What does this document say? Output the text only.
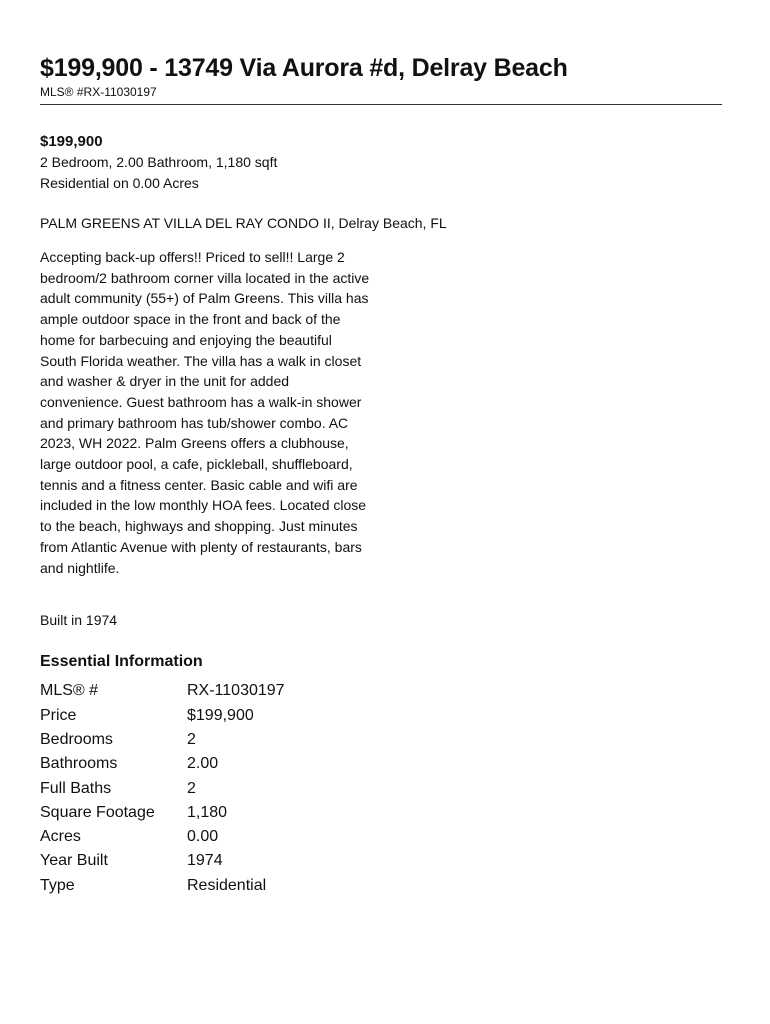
$199,900 - 13749 Via Aurora #d, Delray Beach
MLS® #RX-11030197
$199,900
2 Bedroom, 2.00 Bathroom, 1,180 sqft
Residential on 0.00 Acres
PALM GREENS AT VILLA DEL RAY CONDO II, Delray Beach, FL
Accepting back-up offers!! Priced to sell!! Large 2 bedroom/2 bathroom corner villa located in the active adult community (55+) of Palm Greens. This villa has ample outdoor space in the front and back of the home for barbecuing and enjoying the beautiful South Florida weather. The villa has a walk in closet and washer & dryer in the unit for added convenience. Guest bathroom has a walk-in shower and primary bathroom has tub/shower combo. AC 2023, WH 2022. Palm Greens offers a clubhouse, large outdoor pool, a cafe, pickleball, shuffleboard, tennis and a fitness center. Basic cable and wifi are included in the low monthly HOA fees. Located close to the beach, highways and shopping. Just minutes from Atlantic Avenue with plenty of restaurants, bars and nightlife.
Built in 1974
Essential Information
MLS® #	RX-11030197
Price	$199,900
Bedrooms	2
Bathrooms	2.00
Full Baths	2
Square Footage	1,180
Acres	0.00
Year Built	1974
Type	Residential
